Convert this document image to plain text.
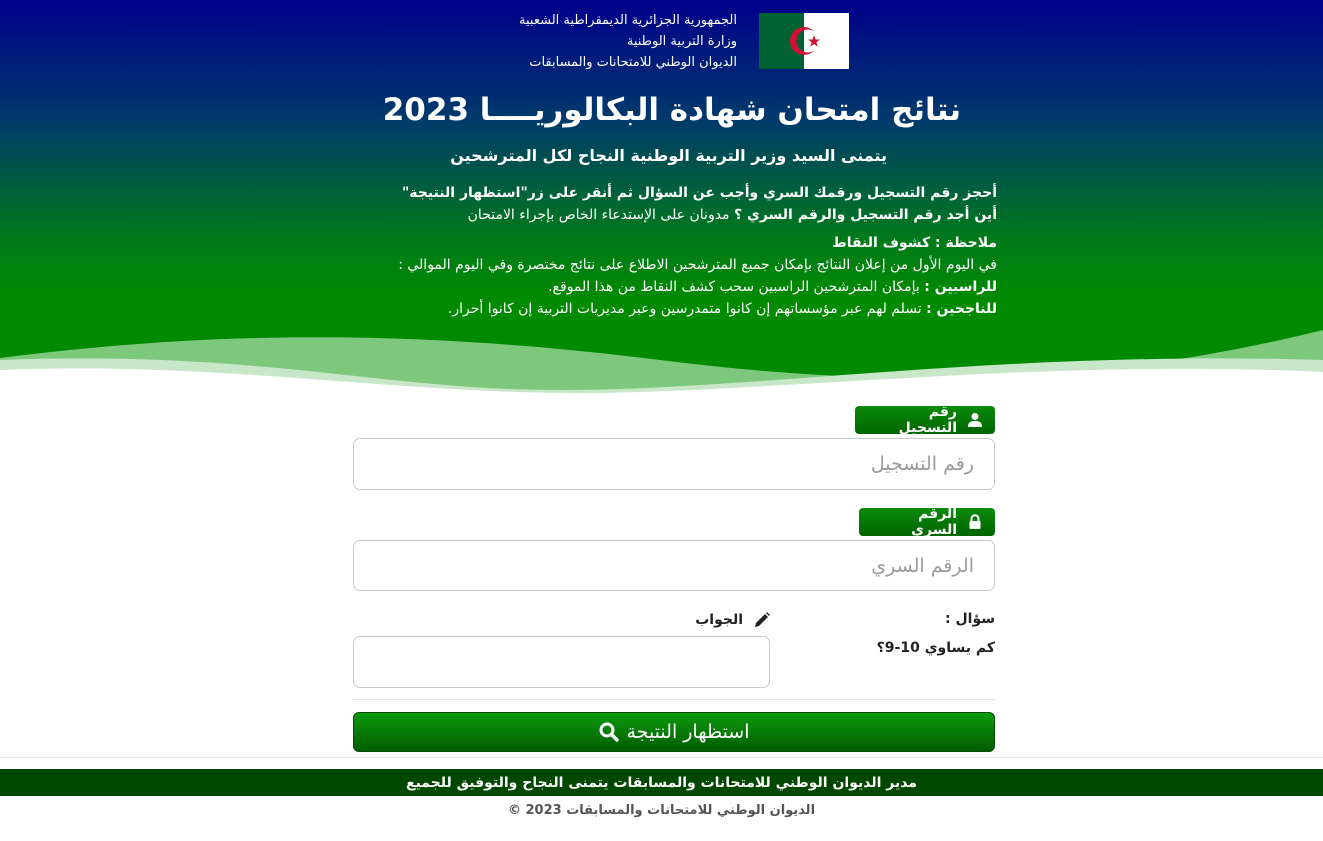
الجمهورية الجزائرية الديمقراطية الشعبية
وزارة التربية الوطنية
الديوان الوطني للامتحانات والمسابقات
نتائج امتحان شهادة البكالوريــــا 2023
يتمنى السيد وزير التربية الوطنية النجاح لكل المترشحين
أحجز رقم التسجيل ورقمك السري وأجب عن السؤال ثم أنقر على زر"استظهار النتيجة"
أين أجد رقم التسجيل والرقم السري ؟ مدونان على الإستدعاء الخاص بإجراء الامتحان
ملاحظة : كشوف النقاط
في اليوم الأول من إعلان النتائج بإمكان جميع المترشحين الاطلاع على نتائج مختصرة وفي اليوم الموالي :
للراسبين : بإمكان المترشحين الراسبين سحب كشف النقاط من هذا الموقع.
للناجحين : تسلم لهم عبر مؤسساتهم إن كانوا متمدرسين وعبر مديريات التربية إن كانوا أحرار.
رقم التسجيل
رقم التسجيل
الرقم السري
سؤال :
كم يساوي 10-9؟
الجواب
استظهار النتيجة
مدير الديوان الوطني للامتحانات والمسابقات يتمنى النجاح والتوفيق للجميع
الديوان الوطني للامتحانات والمسابقات 2023 ©
